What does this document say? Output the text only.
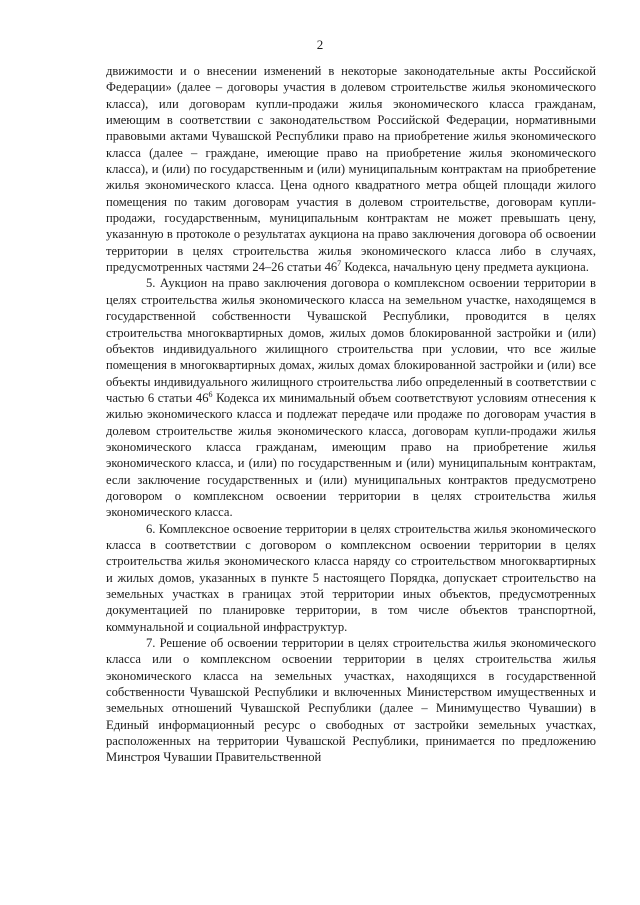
2

движимости и о внесении изменений в некоторые законодательные акты Российской Федерации» (далее – договоры участия в долевом строительстве жилья экономического класса), или договорам купли-продажи жилья экономического класса гражданам, имеющим в соответствии с законодательством Российской Федерации, нормативными правовыми актами Чувашской Республики право на приобретение жилья экономического класса (далее – граждане, имеющие право на приобретение жилья экономического класса), и (или) по государственным и (или) муниципальным контрактам на приобретение жилья экономического класса. Цена одного квадратного метра общей площади жилого помещения по таким договорам участия в долевом строительстве, договорам купли-продажи, государственным, муниципальным контрактам не может превышать цену, указанную в протоколе о результатах аукциона на право заключения договора об освоении территории в целях строительства жилья экономического класса либо в случаях, предусмотренных частями 24–26 статьи $46^7$ Кодекса, начальную цену предмета аукциона.

5. Аукцион на право заключения договора о комплексном освоении территории в целях строительства жилья экономического класса на земельном участке, находящемся в государственной собственности Чувашской Республики, проводится в целях строительства многоквартирных домов, жилых домов блокированной застройки и (или) объектов индивидуального жилищного строительства при условии, что все жилые помещения в многоквартирных домах, жилых домах блокированной застройки и (или) все объекты индивидуального жилищного строительства либо определенный в соответствии с частью 6 статьи $46^6$ Кодекса их минимальный объем соответствуют условиям отнесения к жилью экономического класса и подлежат передаче или продаже по договорам участия в долевом строительстве жилья экономического класса, договорам купли-продажи жилья экономического класса гражданам, имеющим право на приобретение жилья экономического класса, и (или) по государственным и (или) муниципальным контрактам, если заключение государственных и (или) муниципальных контрактов предусмотрено договором о комплексном освоении территории в целях строительства жилья экономического класса.

6. Комплексное освоение территории в целях строительства жилья экономического класса в соответствии с договором о комплексном освоении территории в целях строительства жилья экономического класса наряду со строительством многоквартирных и жилых домов, указанных в пункте 5 настоящего Порядка, допускает строительство на земельных участках в границах этой территории иных объектов, предусмотренных документацией по планировке территории, в том числе объектов транспортной, коммунальной и социальной инфраструктур.

7. Решение об освоении территории в целях строительства жилья экономического класса или о комплексном освоении территории в целях строительства жилья экономического класса на земельных участках, находящихся в государственной собственности Чувашской Республики и включенных Министерством имущественных и земельных отношений Чувашской Республики (далее – Минимущество Чувашии) в Единый информационный ресурс о свободных от застройки земельных участках, расположенных на территории Чувашской Республики, принимается по предложению Минстроя Чувашии Правительственной
